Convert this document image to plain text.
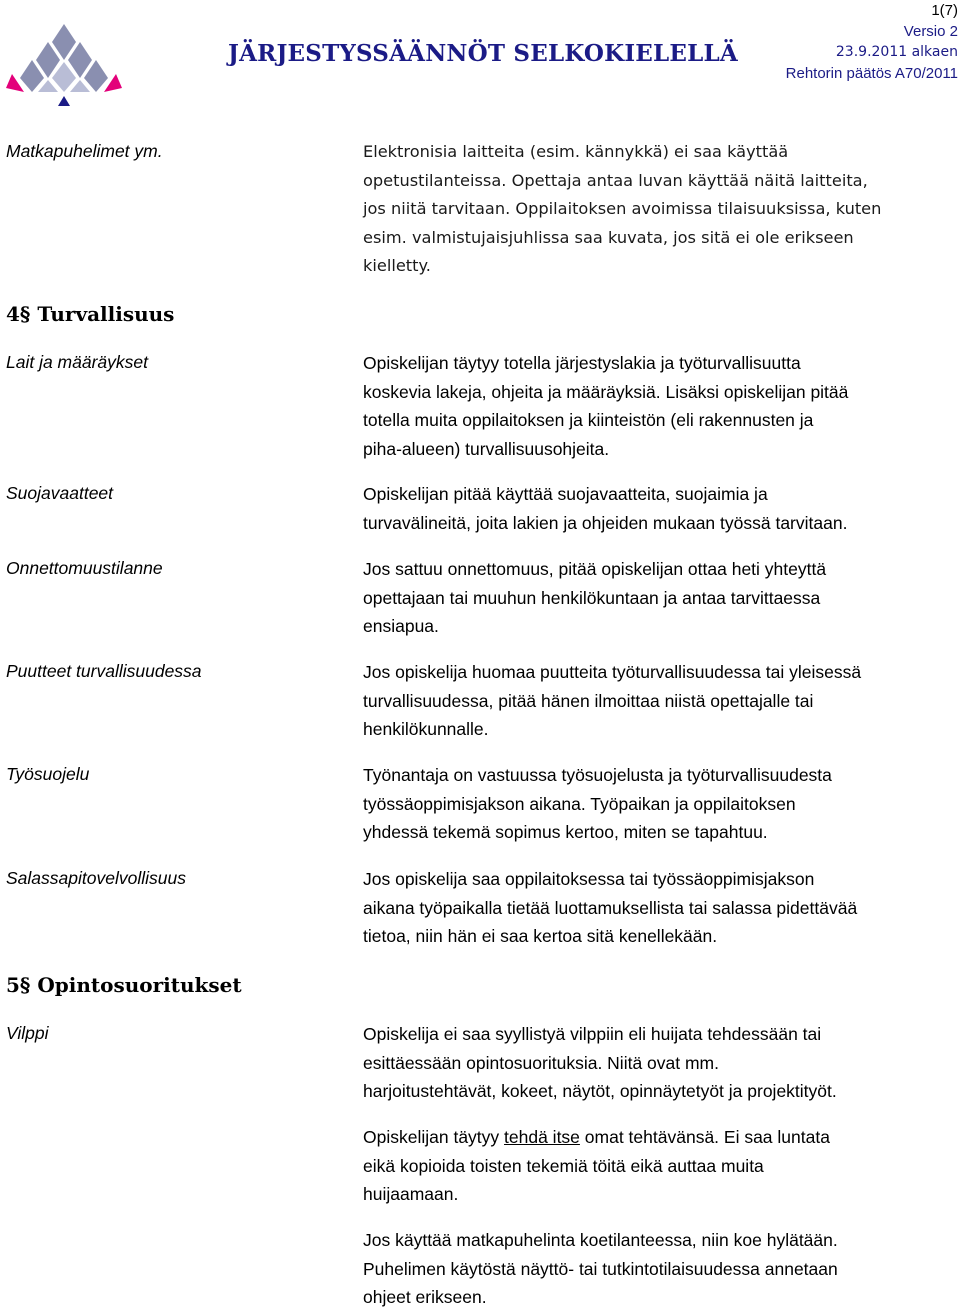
JÄRJESTYSSÄÄNNÖT SELKOKIELELLÄ
1(7)
Versio 2
23.9.2011 alkaen
Rehtorin päätös A70/2011
Matkapuhelimet ym.	Elektronisia laitteita (esim. kännykkä) ei saa käyttää
opetustilanteissa. Opettaja antaa luvan käyttää näitä laitteita,
jos niitä tarvitaan. Oppilaitoksen avoimissa tilaisuuksissa, kuten
esim. valmistujaisjuhlissa saa kuvata, jos sitä ei ole erikseen
kielletty.
4§ Turvallisuus
Lait ja määräykset	Opiskelijan täytyy totella järjestyslakia ja työturvallisuutta
koskevia lakeja, ohjeita ja määräyksiä. Lisäksi opiskelijan pitää
totella muita oppilaitoksen ja kiinteistön (eli rakennusten ja
piha-alueen) turvallisuusohjeita.
Suojavaatteet	Opiskelijan pitää käyttää suojavaatteita, suojaimia ja
turvavälineitä, joita lakien ja ohjeiden mukaan työssä tarvitaan.
Onnettomuustilanne	Jos sattuu onnettomuus, pitää opiskelijan ottaa heti yhteyttä
opettajaan tai muuhun henkilökuntaan ja antaa tarvittaessa
ensiapua.
Puutteet turvallisuudessa	Jos opiskelija huomaa puutteita työturvallisuudessa tai yleisessä
turvallisuudessa, pitää hänen ilmoittaa niistä opettajalle tai
henkilökunnalle.
Työsuojelu	Työnantaja on vastuussa työsuojelusta ja työturvallisuudesta
työssäoppimisjakson aikana. Työpaikan ja oppilaitoksen
yhdessä tekemä sopimus kertoo, miten se tapahtuu.
Salassapitovelvollisuus	Jos opiskelija saa oppilaitoksessa tai työssäoppimisjakson
aikana työpaikalla tietää luottamuksellista tai salassa pidettävää
tietoa, niin hän ei saa kertoa sitä kenellekään.
5§ Opintosuoritukset
Vilppi	Opiskelija ei saa syyllistyä vilppiin eli huijata tehdessään tai
esittäessään opintosuorituksia. Niitä ovat mm.
harjoitustehtävät, kokeet, näytöt, opinnäytetyöt ja projektityöt.
Opiskelijan täytyy tehdä itse omat tehtävänsä. Ei saa luntata
eikä kopioida toisten tekemiä töitä eikä auttaa muita
huijaamaan.
Jos käyttää matkapuhelinta koetilanteessa, niin koe hylätään.
Puhelimen käytöstä näyttö- tai tutkintotilaisuudessa annetaan
ohjeet erikseen.
